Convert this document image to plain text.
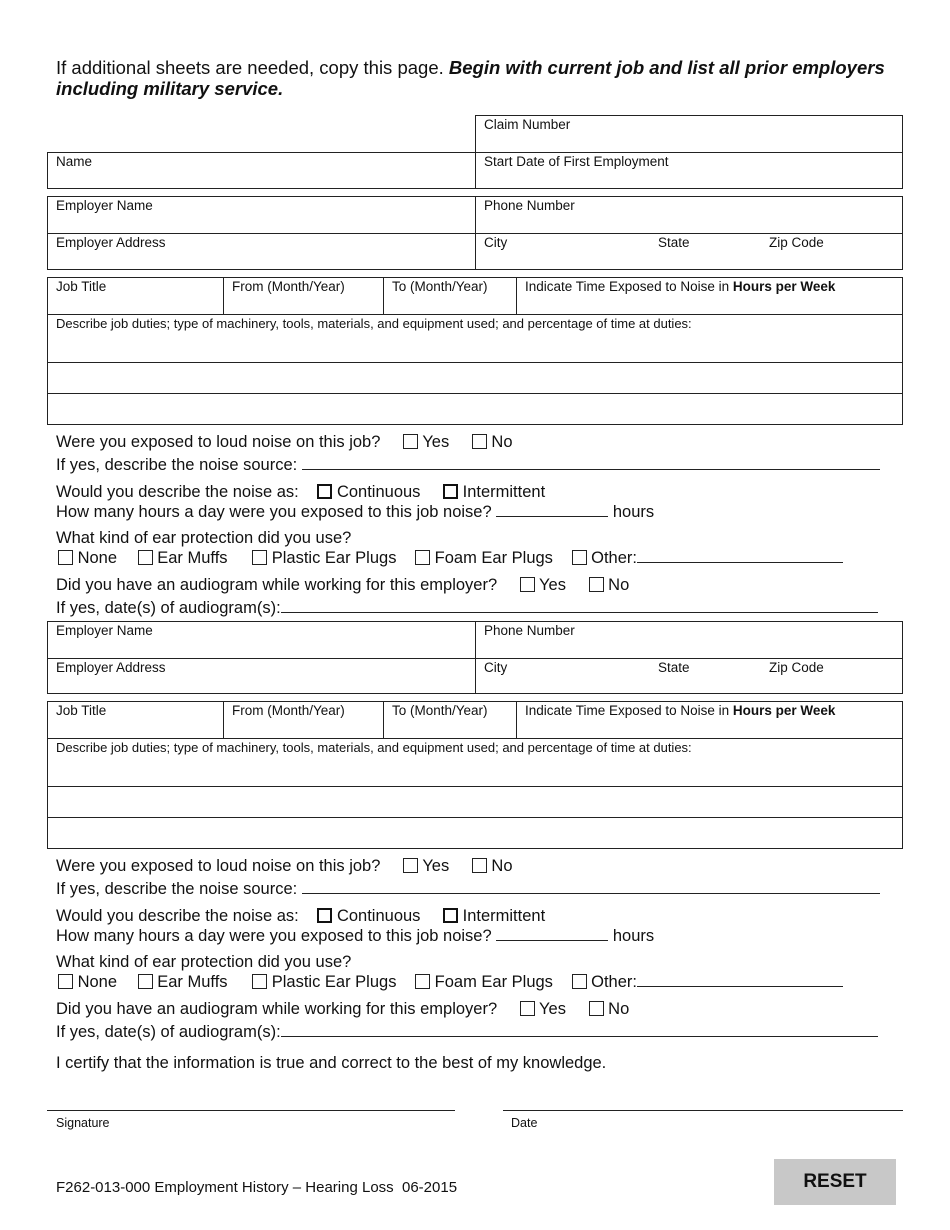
If additional sheets are needed, copy this page. Begin with current job and list all prior employers
including military service.
Claim Number
Name	Start Date of First Employment
Employer Name	Phone Number
Employer Address	City	State	Zip Code
Job Title	From (Month/Year)	To (Month/Year)	Indicate Time Exposed to Noise in Hours per Week
Describe job duties; type of machinery, tools, materials, and equipment used; and percentage of time at duties:
Were you exposed to loud noise on this job?	Yes	No
If yes, describe the noise source:
Would you describe the noise as: Continuous	Intermittent
How many hours a day were you exposed to this job noise?	hours
What kind of ear protection did you use?
None Ear Muffs	Plastic Ear Plugs Foam Ear Plugs Other:
Did you have an audiogram while working for this employer?	Yes	No
If yes, date(s) of audiogram(s):
Employer Name	Phone Number
Employer Address	City	State	Zip Code
Job Title	From (Month/Year)	To (Month/Year)	Indicate Time Exposed to Noise in Hours per Week
Describe job duties; type of machinery, tools, materials, and equipment used; and percentage of time at duties:
Were you exposed to loud noise on this job?	Yes	No
If yes, describe the noise source:
Would you describe the noise as: Continuous	Intermittent
How many hours a day were you exposed to this job noise?	hours
What kind of ear protection did you use?
None Ear Muffs	Plastic Ear Plugs Foam Ear Plugs Other:
Did you have an audiogram while working for this employer?	Yes	No
If yes, date(s) of audiogram(s):
I certify that the information is true and correct to the best of my knowledge.
Signature	Date
F262-013-000 Employment History – Hearing Loss  06-2015	RESET
